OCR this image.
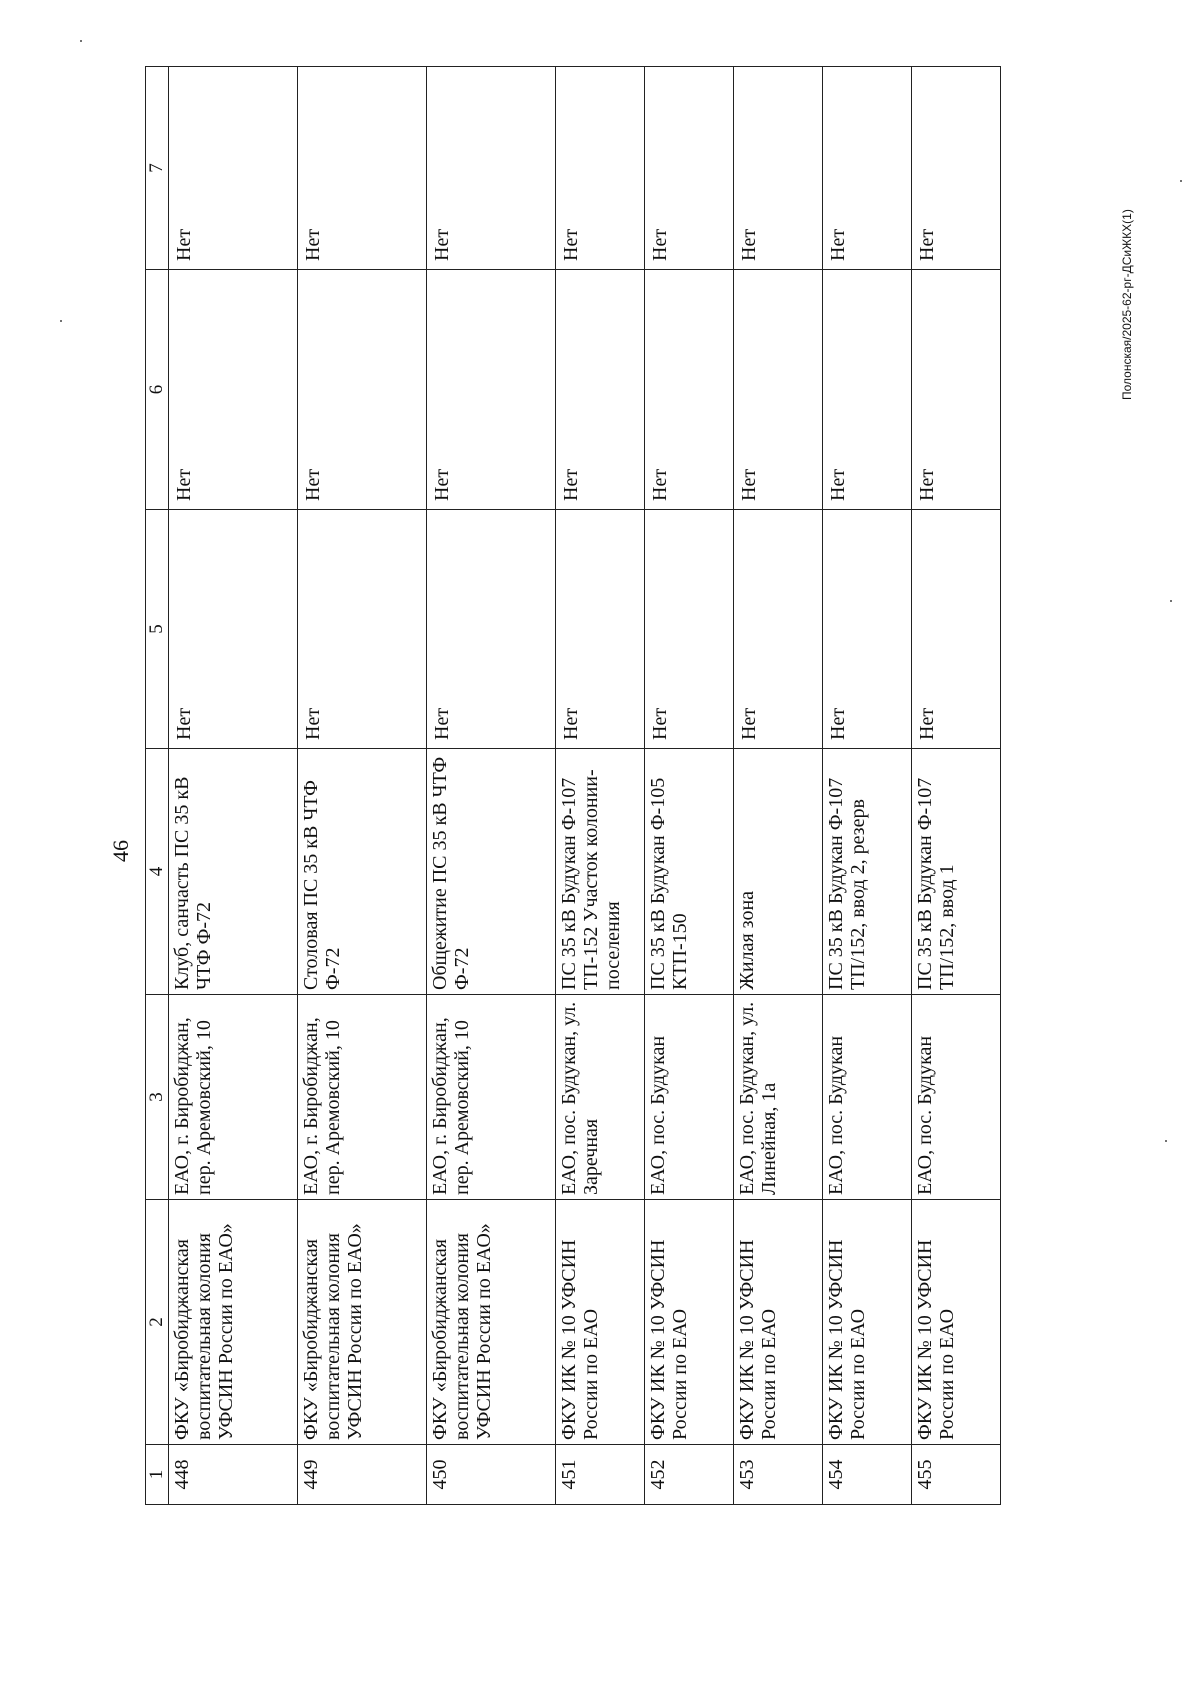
46
Полонская/2025-62-рг-ДСиЖКХ(1)
1	2	3	4	5	6	7
448	ФКУ «Биробиджанская воспитательная колония УФСИН России по ЕАО»	ЕАО, г. Биробиджан, пер. Аремовский, 10	Клуб, санчасть ПС 35 кВ ЧТФ Ф-72	Нет	Нет	Нет
449	ФКУ «Биробиджанская воспитательная колония УФСИН России по ЕАО»	ЕАО, г. Биробиджан, пер. Аремовский, 10	Столовая ПС 35 кВ ЧТФ Ф-72	Нет	Нет	Нет
450	ФКУ «Биробиджанская воспитательная колония УФСИН России по ЕАО»	ЕАО, г. Биробиджан, пер. Аремовский, 10	Общежитие ПС 35 кВ ЧТФ Ф-72	Нет	Нет	Нет
451	ФКУ ИК № 10 УФСИН России по ЕАО	ЕАО, пос. Будукан, ул. Заречная	ПС 35 кВ Будукан Ф-107 ТП-152 Участок колонии-поселения	Нет	Нет	Нет
452	ФКУ ИК № 10 УФСИН России по ЕАО	ЕАО, пос. Будукан	ПС 35 кВ Будукан Ф-105 КТП-150	Нет	Нет	Нет
453	ФКУ ИК № 10 УФСИН России по ЕАО	ЕАО, пос. Будукан, ул. Линейная, 1а	Жилая зона	Нет	Нет	Нет
454	ФКУ ИК № 10 УФСИН России по ЕАО	ЕАО, пос. Будукан	ПС 35 кВ Будукан Ф-107 ТП/152, ввод 2, резерв	Нет	Нет	Нет
455	ФКУ ИК № 10 УФСИН России по ЕАО	ЕАО, пос. Будукан	ПС 35 кВ Будукан Ф-107 ТП/152, ввод 1	Нет	Нет	Нет
